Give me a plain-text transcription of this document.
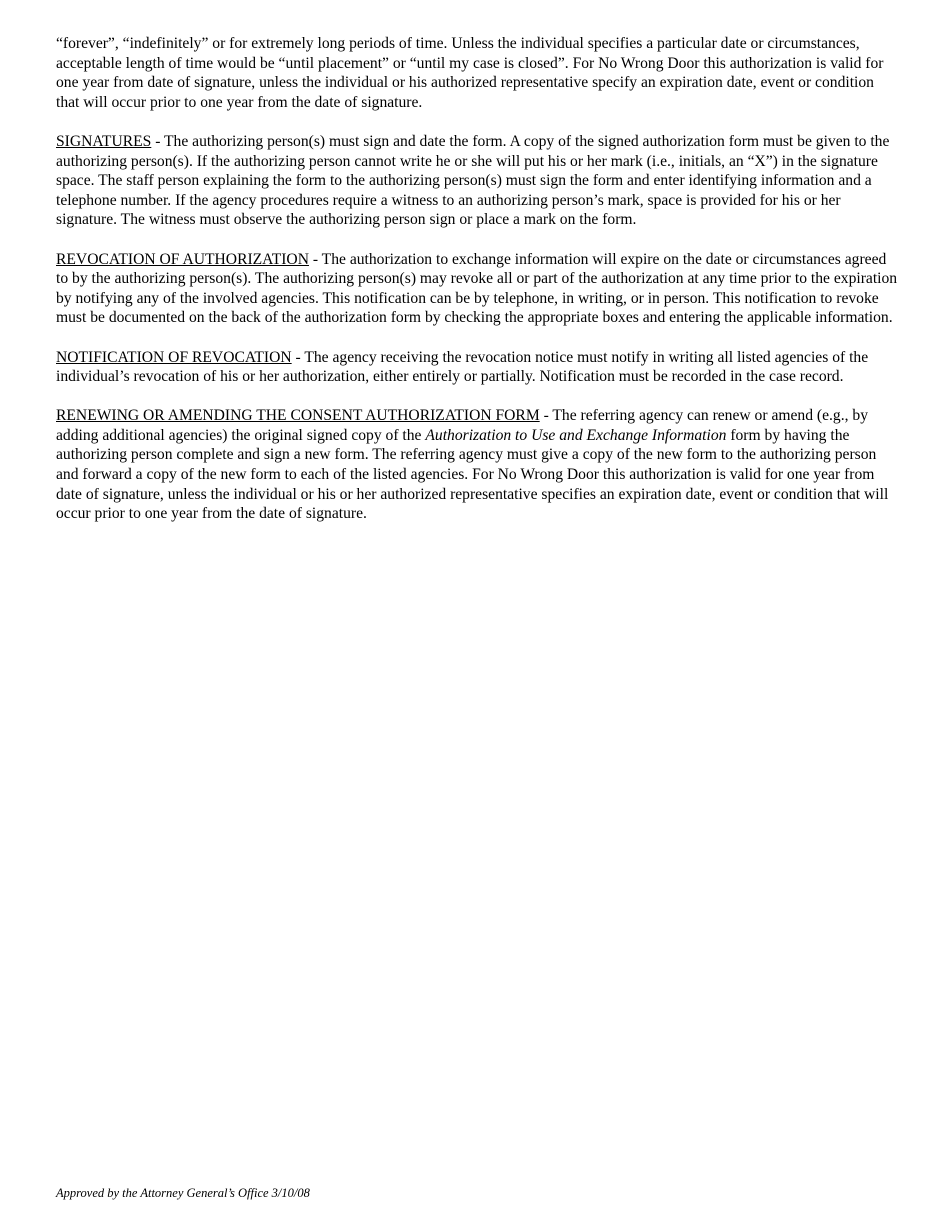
“forever”, “indefinitely” or for extremely long periods of time. Unless the individual specifies a particular date or circumstances, acceptable length of time would be “until placement” or “until my case is closed”. For No Wrong Door this authorization is valid for one year from date of signature, unless the individual or his authorized representative specify an expiration date, event or condition that will occur prior to one year from the date of signature.

SIGNATURES - The authorizing person(s) must sign and date the form. A copy of the signed authorization form must be given to the authorizing person(s). If the authorizing person cannot write he or she will put his or her mark (i.e., initials, an “X”) in the signature space. The staff person explaining the form to the authorizing person(s) must sign the form and enter identifying information and a telephone number. If the agency procedures require a witness to an authorizing person’s mark, space is provided for his or her signature. The witness must observe the authorizing person sign or place a mark on the form.

REVOCATION OF AUTHORIZATION - The authorization to exchange information will expire on the date or circumstances agreed to by the authorizing person(s). The authorizing person(s) may revoke all or part of the authorization at any time prior to the expiration by notifying any of the involved agencies. This notification can be by telephone, in writing, or in person. This notification to revoke must be documented on the back of the authorization form by checking the appropriate boxes and entering the applicable information.

NOTIFICATION OF REVOCATION - The agency receiving the revocation notice must notify in writing all listed agencies of the individual’s revocation of his or her authorization, either entirely or partially. Notification must be recorded in the case record.

RENEWING OR AMENDING THE CONSENT AUTHORIZATION FORM - The referring agency can renew or amend (e.g., by adding additional agencies) the original signed copy of the Authorization to Use and Exchange Information form by having the authorizing person complete and sign a new form. The referring agency must give a copy of the new form to the authorizing person and forward a copy of the new form to each of the listed agencies. For No Wrong Door this authorization is valid for one year from date of signature, unless the individual or his or her authorized representative specifies an expiration date, event or condition that will occur prior to one year from the date of signature.

Approved by the Attorney General’s Office 3/10/08
